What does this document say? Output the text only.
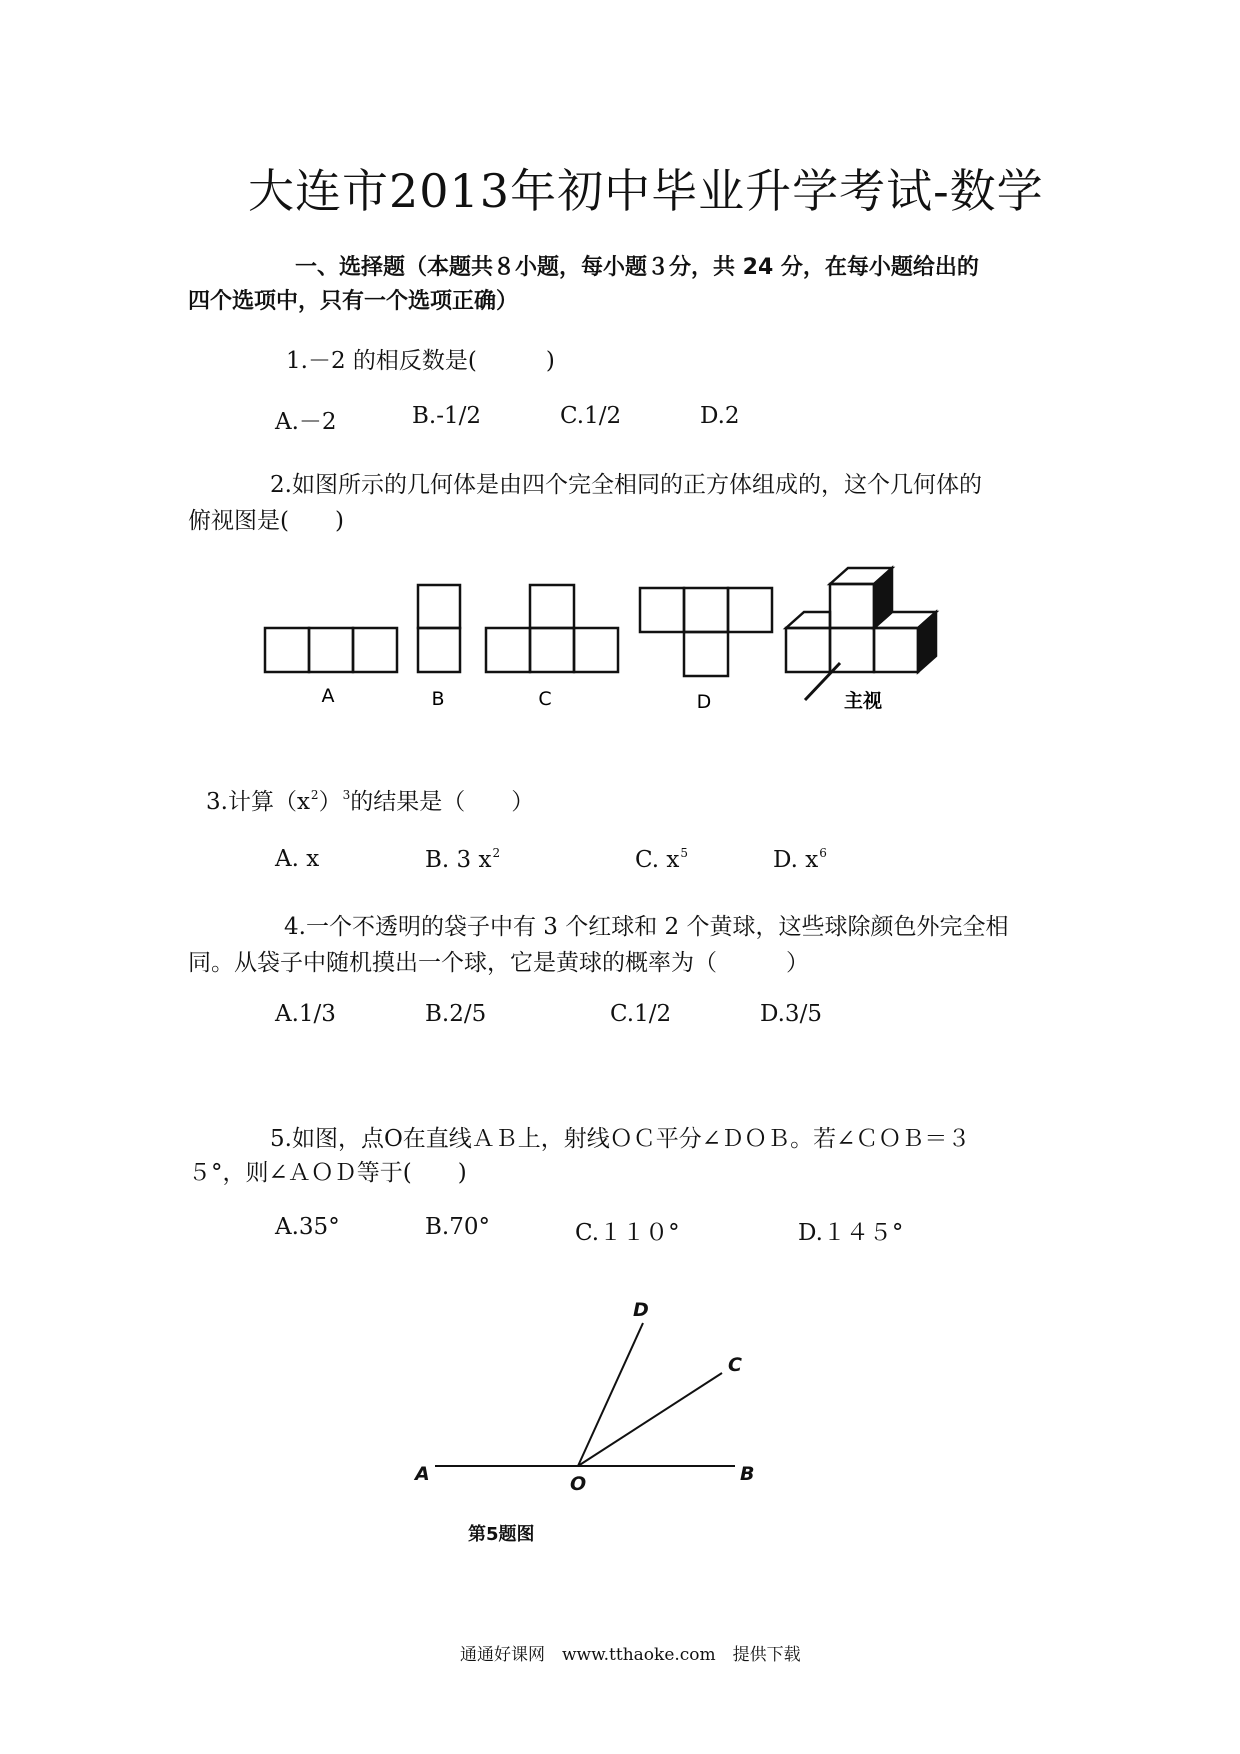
大连市2013年初中毕业升学考试-数学
一、选择题（本题共８小题，每小题３分，共 24 分，在每小题给出的
四个选项中，只有一个选项正确）
1.－2 的相反数是(　　　)
A.－2	B.-1/2	C.1/2	D.2
2.如图所示的几何体是由四个完全相同的正方体组成的，这个几何体的
俯视图是(　　)
A	B	C	D	主视
3.计算$(x^2)^3$的结果是（　　）
A. x	B. 3 $x^2$	C. $x^5$	D. $x^6$
4.一个不透明的袋子中有 3 个红球和 2 个黄球，这些球除颜色外完全相
同。从袋子中随机摸出一个球，它是黄球的概率为（　　　）
A.1/3	B.2/5	C.1/2	D.3/5
5.如图，点O在直线ＡＢ上，射线ＯＣ平分∠ＤＯＢ。若∠ＣＯＢ＝３
５°，则∠ＡＯＤ等于(　　)
A.35°	B.70°	C.１１０°	D.１４５°
A	O	B
C
D
第5题图
通通好课网　www.tthaoke.com　提供下载
